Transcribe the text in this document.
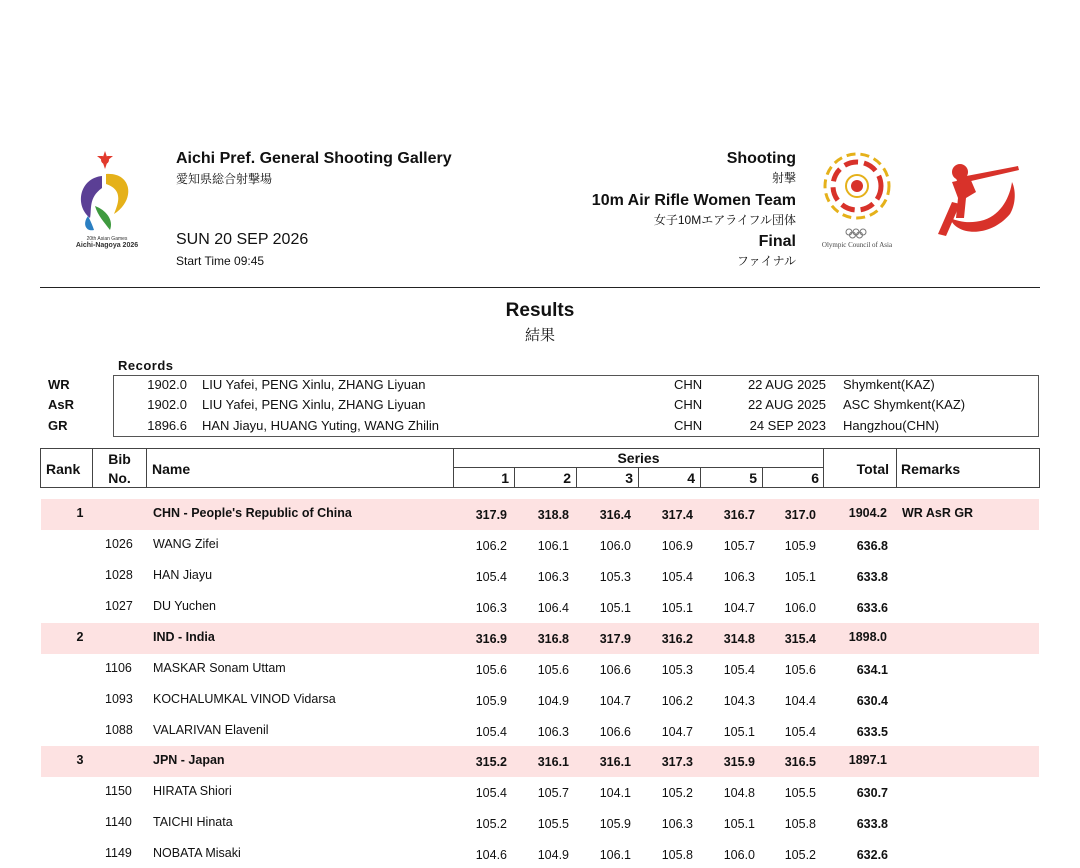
20th Asian Games
Aichi-Nagoya 2026	Olympic Council of Asia
Aichi Pref. General Shooting Gallery
愛知県総合射撃場
SUN 20 SEP 2026
Start Time 09:45
Shooting
射撃
10m Air Rifle Women Team
女子10Mエアライフル団体
Final
ファイナル
Results
結果
Records
WR	1902.0 LIU Yafei, PENG Xinlu, ZHANG Liyuan	CHN	22 AUG 2025 Shymkent(KAZ)
AsR	1902.0 LIU Yafei, PENG Xinlu, ZHANG Liyuan	CHN	22 AUG 2025 ASC Shymkent(KAZ)
GR	1896.6 HAN Jiayu, HUANG Yuting, WANG Zhilin	CHN	24 SEP 2023 Hangzhou(CHN)
Rank
Bib
No.
Name
Series
1	2	3	4	5	6
Total Remarks
1	CHN - People's Republic of China	317.9	318.8	316.4	317.4	316.7	317.0	1904.2 WR AsR GR
1026 WANG Zifei	106.2	106.1	106.0	106.9	105.7	105.9	636.8
1028 HAN Jiayu	105.4	106.3	105.3	105.4	106.3	105.1	633.8
1027 DU Yuchen	106.3	106.4	105.1	105.1	104.7	106.0	633.6
2	IND - India	316.9	316.8	317.9	316.2	314.8	315.4	1898.0
1106 MASKAR Sonam Uttam	105.6	105.6	106.6	105.3	105.4	105.6	634.1
1093 KOCHALUMKAL VINOD Vidarsa	105.9	104.9	104.7	106.2	104.3	104.4	630.4
1088 VALARIVAN Elavenil	105.4	106.3	106.6	104.7	105.1	105.4	633.5
3	JPN - Japan	315.2	316.1	316.1	317.3	315.9	316.5	1897.1
1150 HIRATA Shiori	105.4	105.7	104.1	105.2	104.8	105.5	630.7
1140 TAICHI Hinata	105.2	105.5	105.9	106.3	105.1	105.8	633.8
1149 NOBATA Misaki	104.6	104.9	106.1	105.8	106.0	105.2	632.6
